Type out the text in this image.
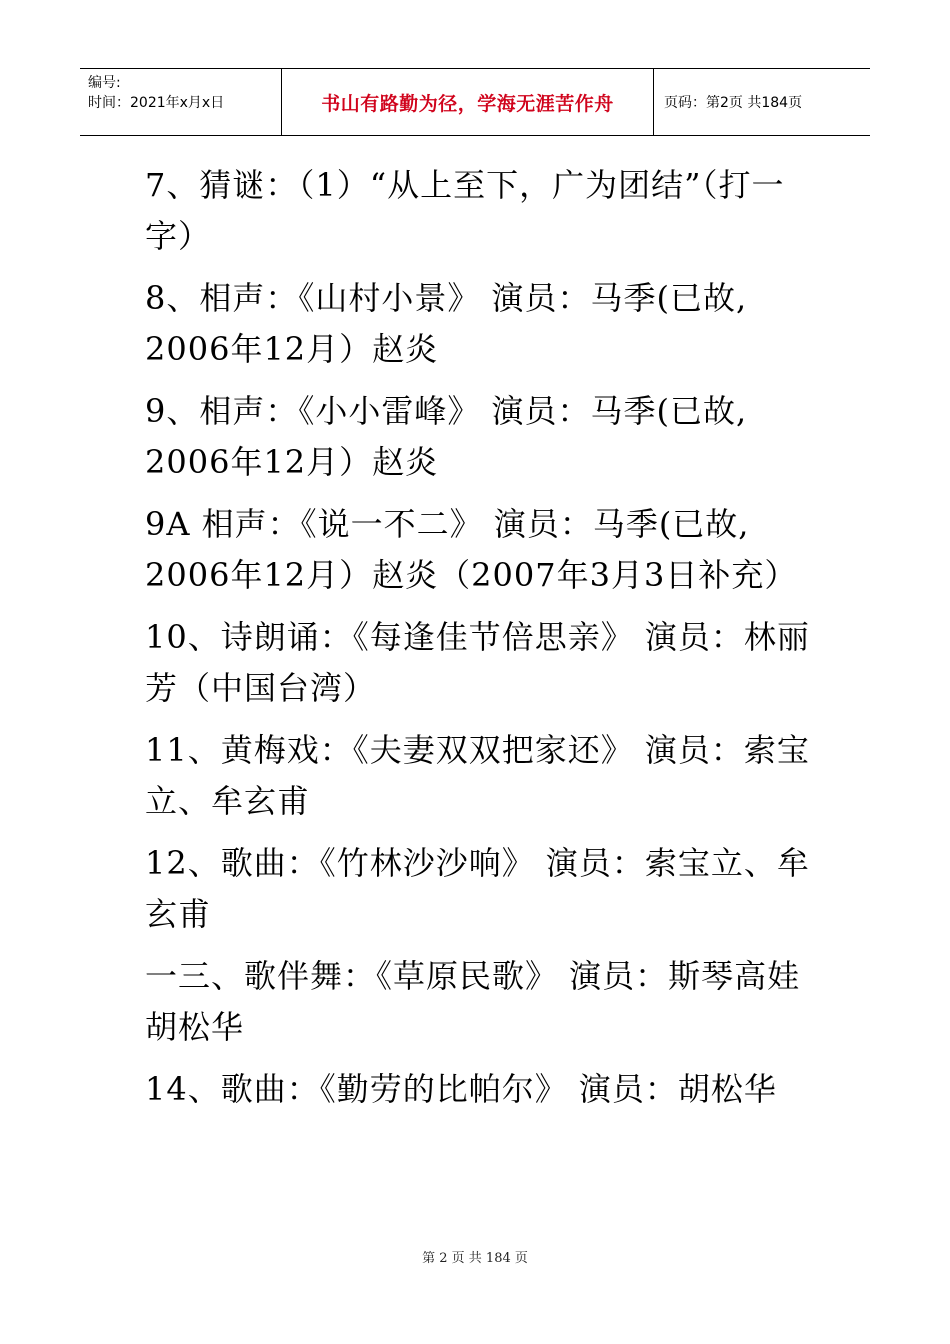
编号:
时间：2021年x月x日	书山有路勤为径，学海无涯苦作舟	页码：第2页 共184页
7、猜谜：（1）“从上至下，广为团结”（打一字）
8、相声：《山村小景》 演员：马季(已故, 2006年12月）赵炎
9、相声：《小小雷峰》 演员：马季(已故, 2006年12月）赵炎
9A 相声：《说一不二》 演员：马季(已故, 2006年12月）赵炎（2007年3月3日补充）
10、诗朗诵：《每逢佳节倍思亲》 演员：林丽芳（中国台湾）
11、黄梅戏：《夫妻双双把家还》 演员：索宝立、牟玄甫
12、歌曲：《竹林沙沙响》 演员：索宝立、牟玄甫
一三、歌伴舞：《草原民歌》 演员：斯琴高娃 胡松华
14、歌曲：《勤劳的比帕尔》 演员：胡松华
第 2 页 共 184 页
